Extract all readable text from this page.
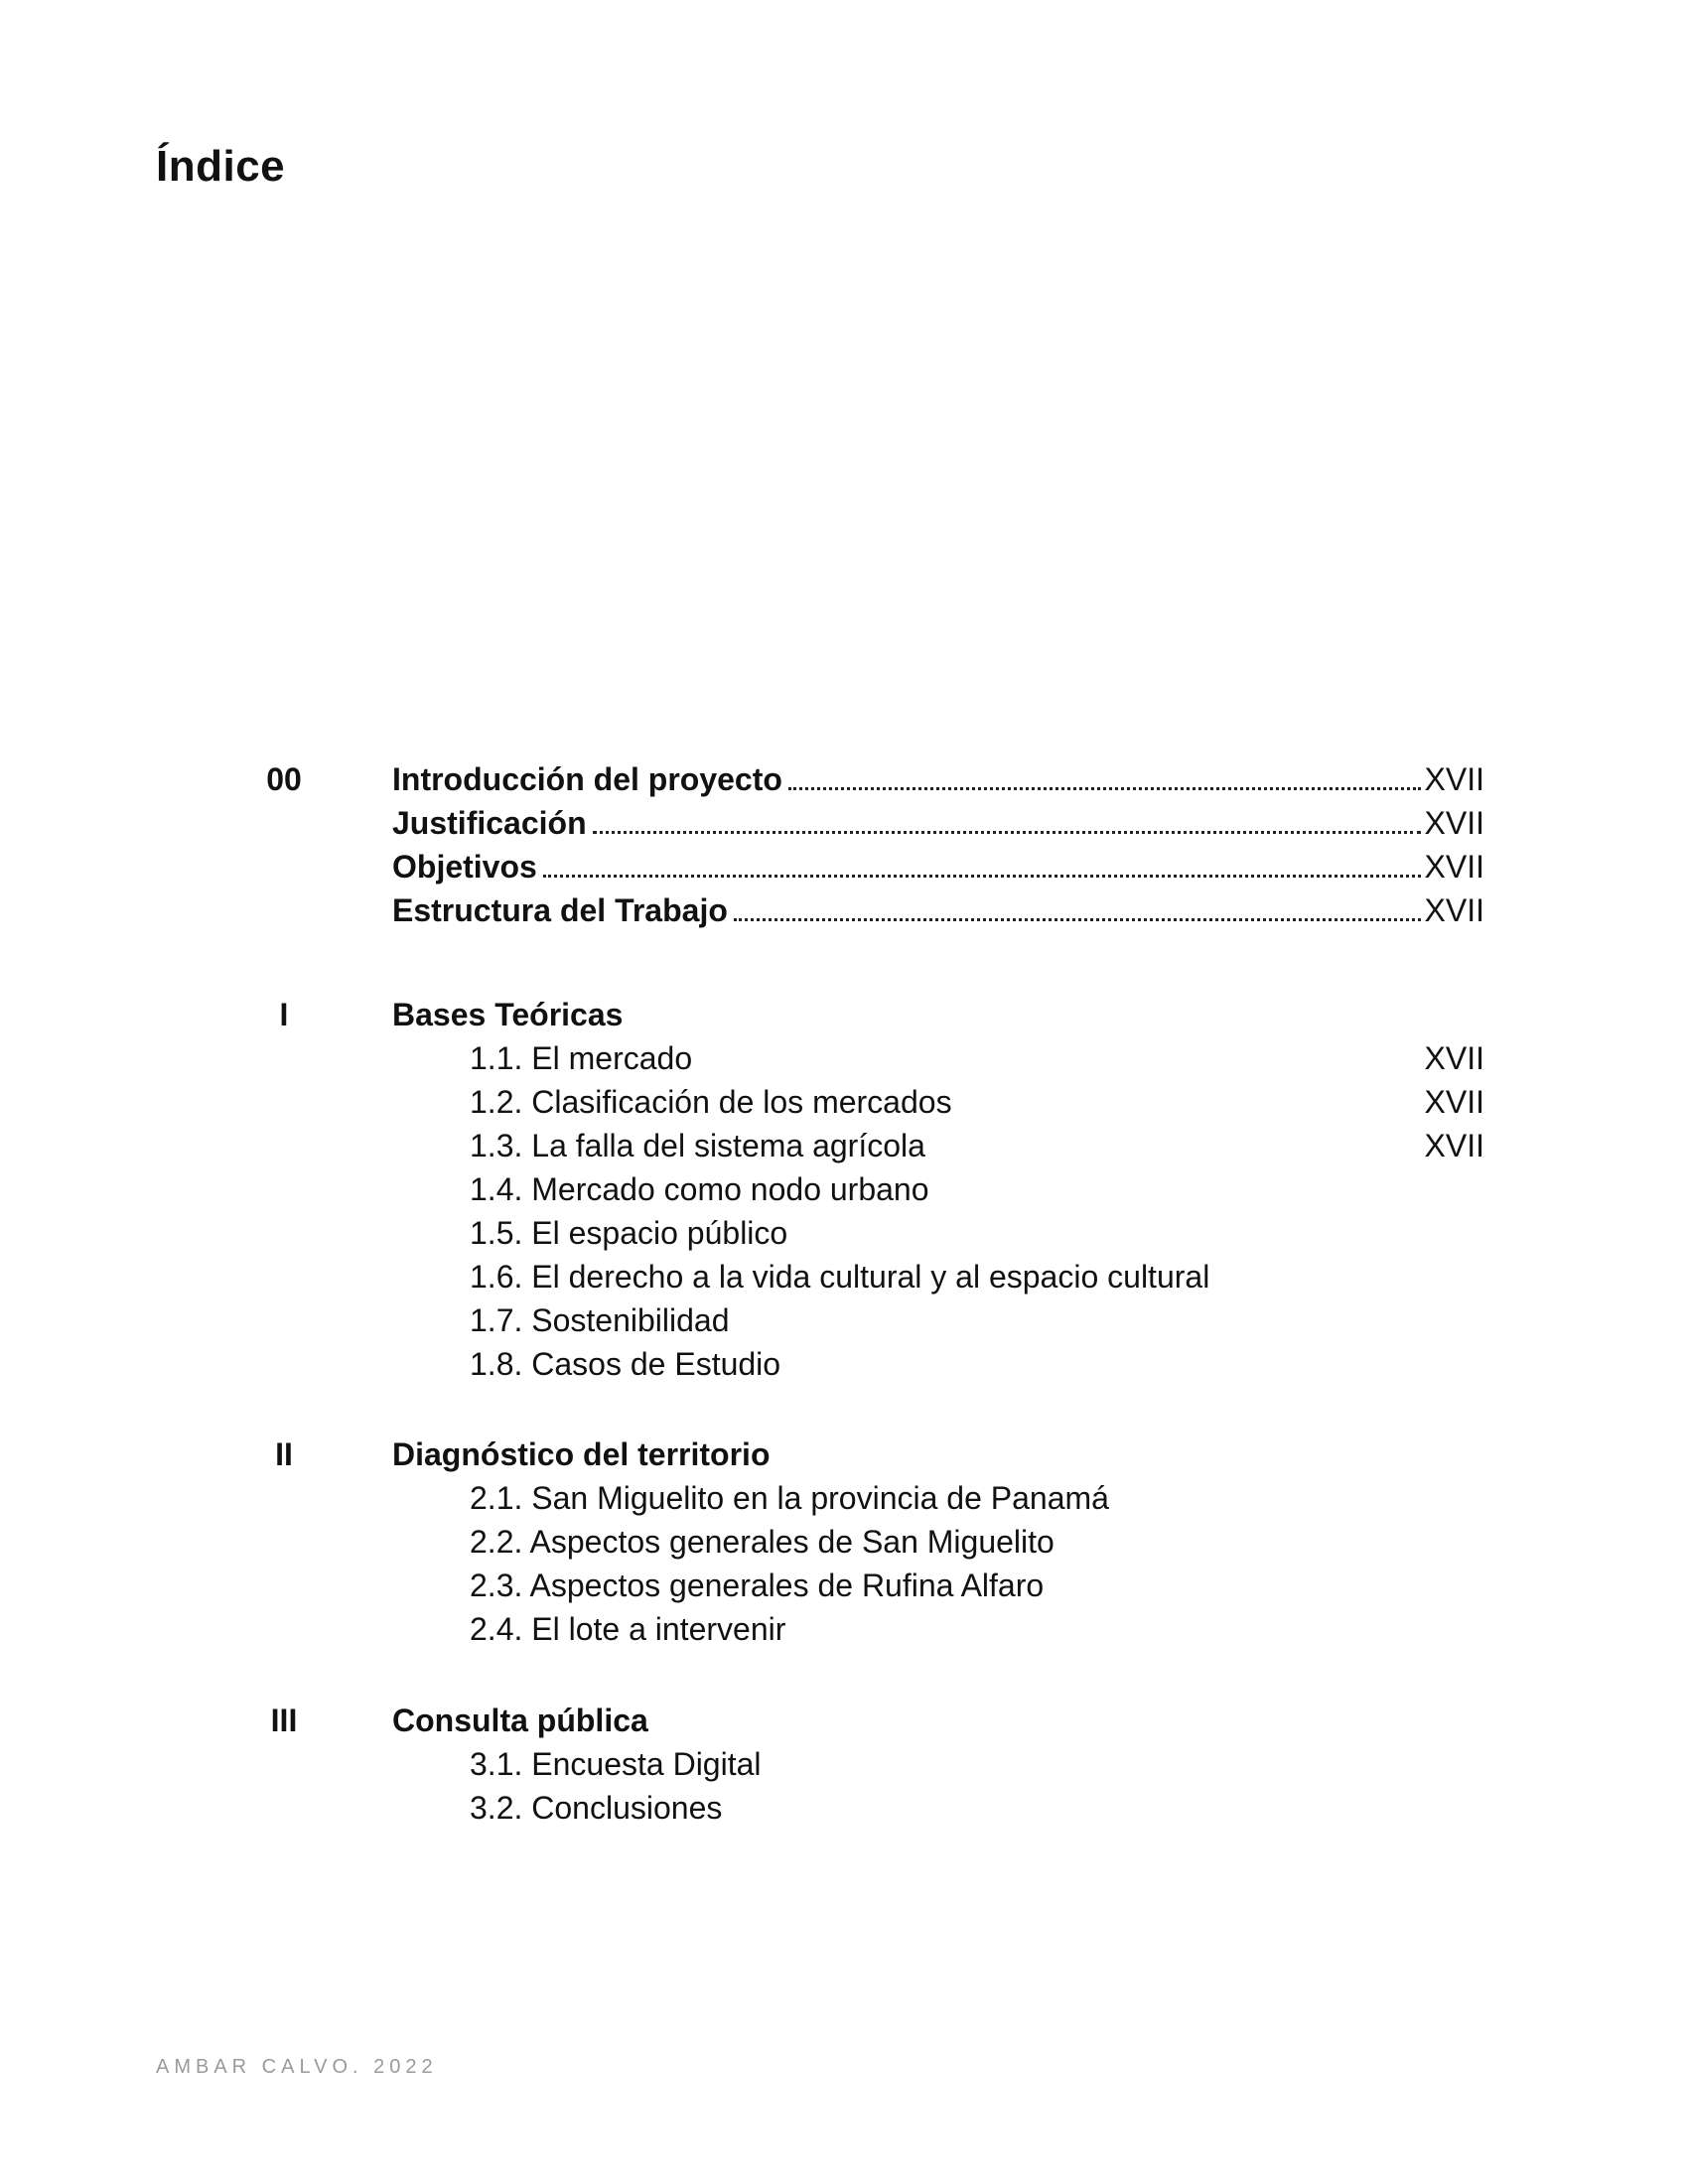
Índice
00	Introducción del proyecto	XVII
Justificación	XVII
Objetivos	XVII
Estructura del Trabajo	XVII
I	Bases Teóricas
1.1. El mercado	XVII
1.2. Clasificación de los mercados	XVII
1.3. La falla del sistema agrícola	XVII
1.4. Mercado como nodo urbano
1.5. El espacio público
1.6. El derecho a la vida cultural y al espacio cultural
1.7. Sostenibilidad
1.8. Casos de Estudio
II	Diagnóstico del territorio
2.1. San Miguelito en la provincia de Panamá
2.2. Aspectos generales de San Miguelito
2.3. Aspectos generales de Rufina Alfaro
2.4. El lote a intervenir
III	Consulta pública
3.1. Encuesta Digital
3.2. Conclusiones
AMBAR CALVO. 2022
